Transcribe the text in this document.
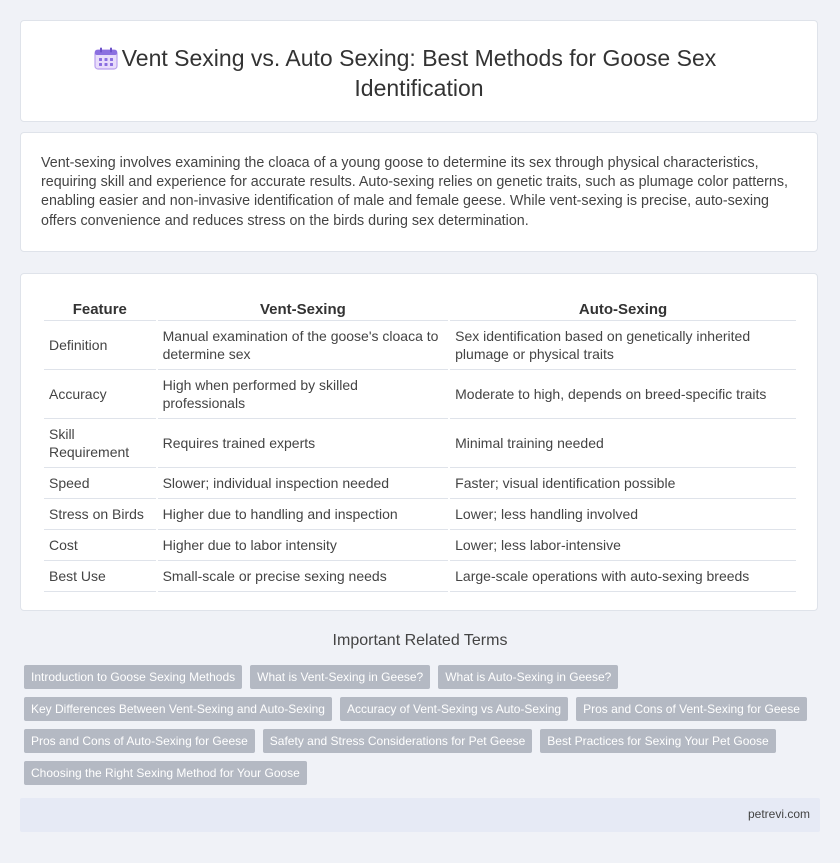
Vent Sexing vs. Auto Sexing: Best Methods for Goose Sex Identification

Vent-sexing involves examining the cloaca of a young goose to determine its sex through physical characteristics, requiring skill and experience for accurate results. Auto-sexing relies on genetic traits, such as plumage color patterns, enabling easier and non-invasive identification of male and female geese. While vent-sexing is precise, auto-sexing offers convenience and reduces stress on the birds during sex determination.

Feature	Vent-Sexing	Auto-Sexing
Definition	Manual examination of the goose's cloaca to determine sex	Sex identification based on genetically inherited plumage or physical traits
Accuracy	High when performed by skilled professionals	Moderate to high, depends on breed-specific traits
Skill Requirement	Requires trained experts	Minimal training needed
Speed	Slower; individual inspection needed	Faster; visual identification possible
Stress on Birds	Higher due to handling and inspection	Lower; less handling involved
Cost	Higher due to labor intensity	Lower; less labor-intensive
Best Use	Small-scale or precise sexing needs	Large-scale operations with auto-sexing breeds
Important Related Terms
Introduction to Goose Sexing Methods	What is Vent-Sexing in Geese?	What is Auto-Sexing in Geese?
Key Differences Between Vent-Sexing and Auto-Sexing	Accuracy of Vent-Sexing vs Auto-Sexing	Pros and Cons of Vent-Sexing for Geese
Pros and Cons of Auto-Sexing for Geese	Safety and Stress Considerations for Pet Geese	Best Practices for Sexing Your Pet Goose
Choosing the Right Sexing Method for Your Goose
petrevi.com
